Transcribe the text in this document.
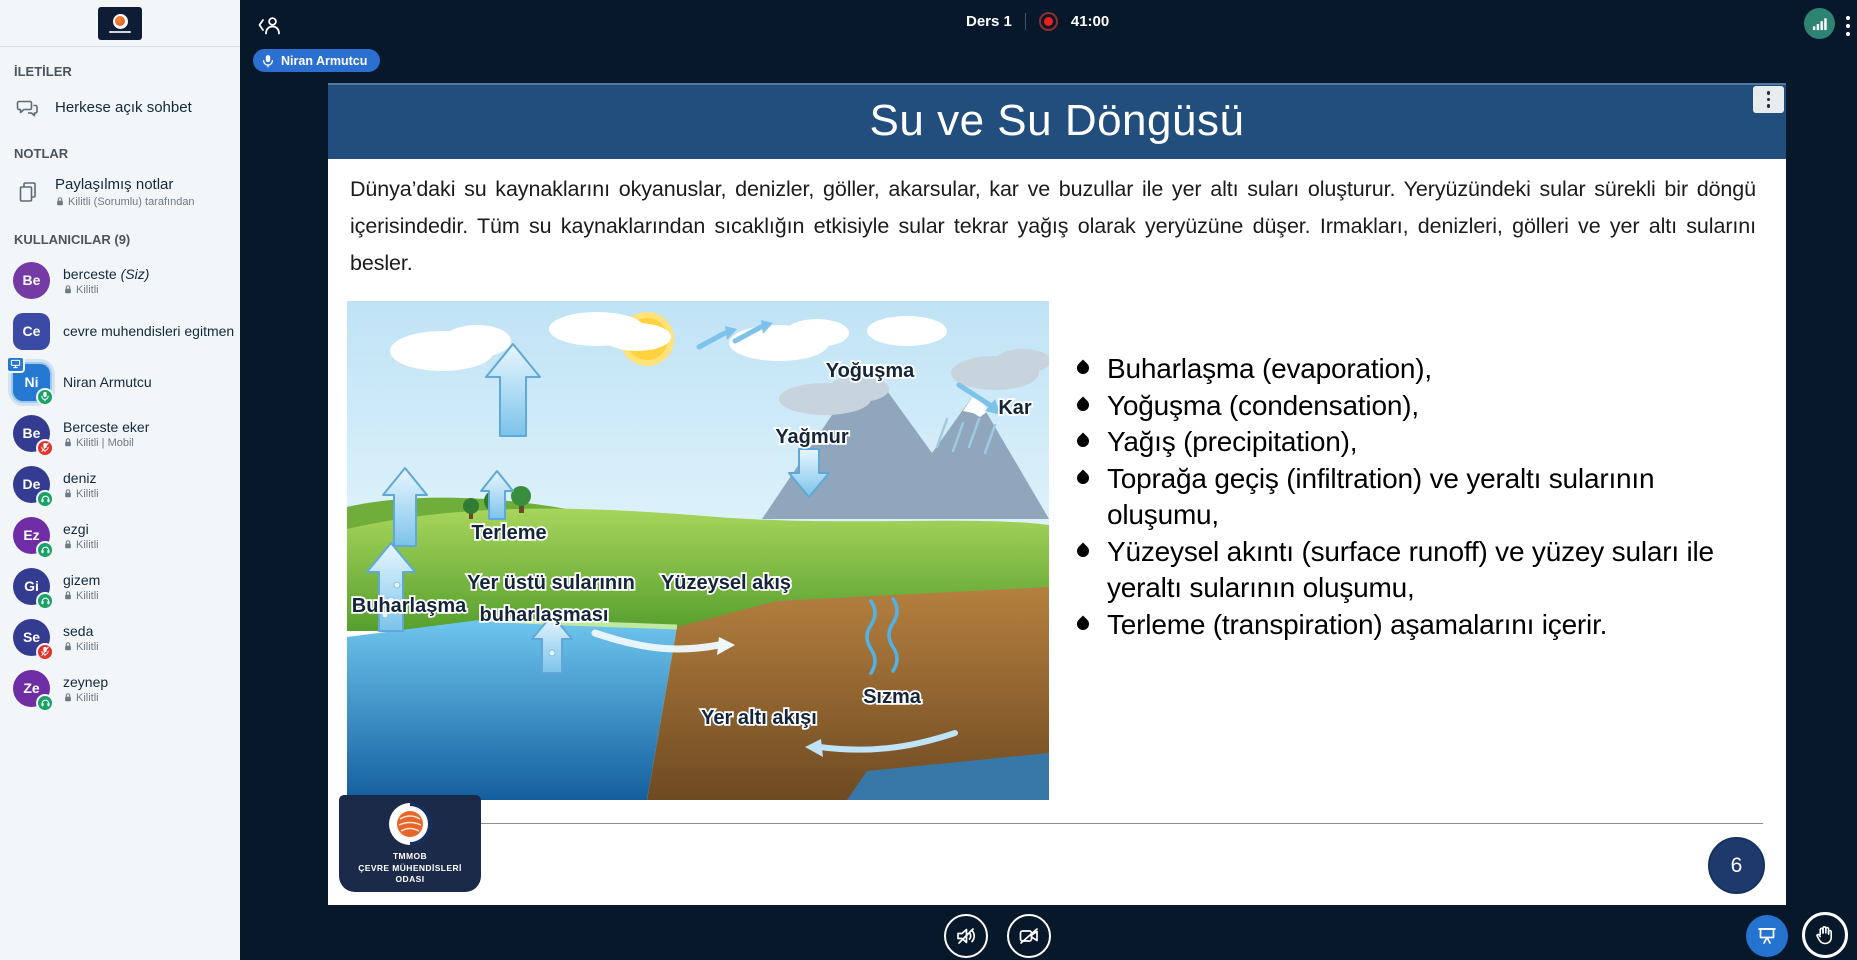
İLETİLER
Herkese açık sohbet
NOTLAR
Paylaşılmış notlar
Kilitli (Sorumlu) tarafından
KULLANICILAR (9)
Be berceste (Siz)
Kilitli
Ce cevre muhendisleri egitmen
Ni Niran Armutcu
Be Berceste eker
Kilitli | Mobil
De deniz
Kilitli
Ez ezgi
Kilitli
Gi gizem
Kilitli
Se seda
Kilitli
Ze zeynep
Kilitli
Ders 1	41:00
Niran Armutcu
Su ve Su Döngüsü
Dünya’daki su kaynaklarını okyanuslar, denizler, göller, akarsular, kar ve buzullar ile yer altı suları oluşturur. Yeryüzündeki sular sürekli bir döngü içerisindedir. Tüm su kaynaklarından sıcaklığın etkisiyle sular tekrar yağış olarak yeryüzüne düşer. Irmakları, denizleri, gölleri ve yer altı sularını besler.
Yoğuşma
Kar
Yağmur
Terleme
Buharlaşma
Yer üstü sularının
buharlaşması
Yüzeysel akış
Sızma
Yer altı akışı
Buharlaşma (evaporation),
Yoğuşma (condensation),
Yağış (precipitation),
Toprağa geçiş (infiltration) ve yeraltı sularının oluşumu,
Yüzeysel akıntı (surface runoff) ve yüzey suları ile yeraltı sularının oluşumu,
Terleme (transpiration) aşamalarını içerir.
TMMOB
ÇEVRE MÜHENDİSLERİ
ODASI
6
